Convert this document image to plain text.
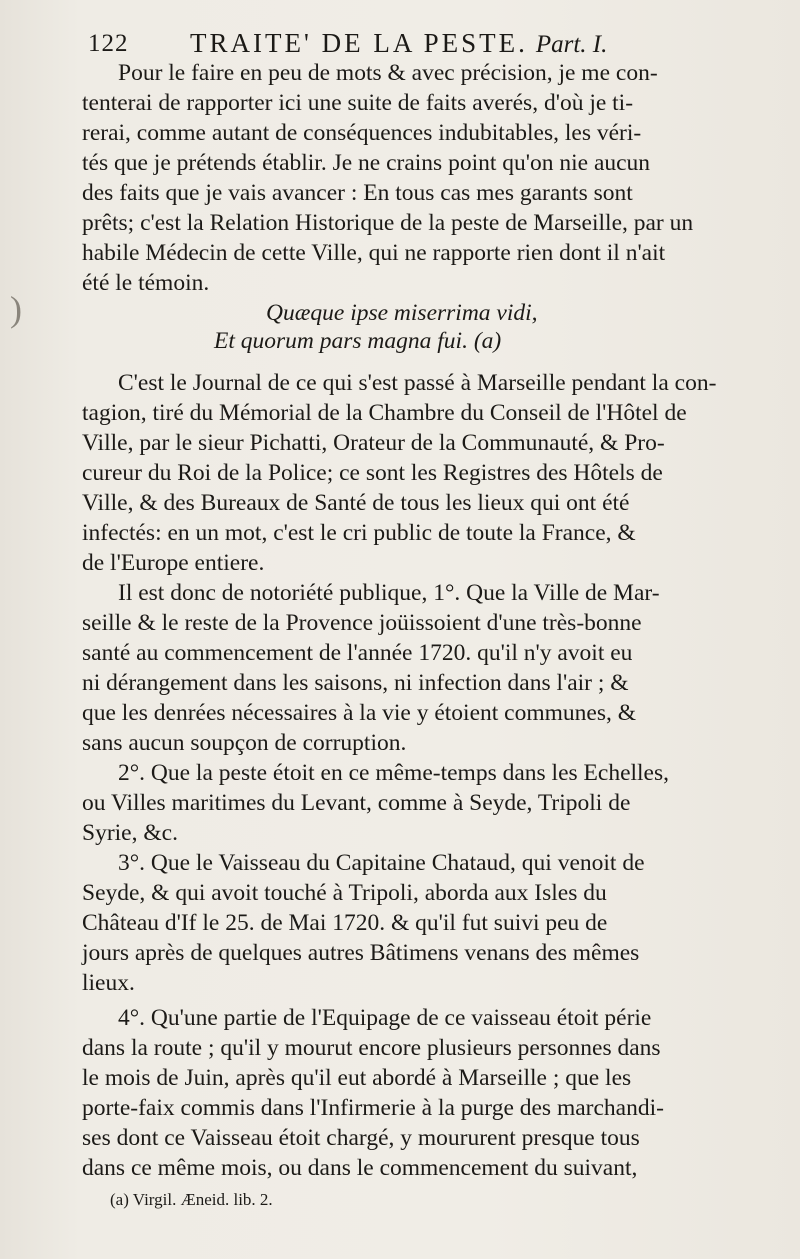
122 TRAITE' DE LA PESTE. Part. I.
)
Pour le faire en peu de mots & avec précision, je me con-
tenterai de rapporter ici une suite de faits averés, d'où je ti-
rerai, comme autant de conséquences indubitables, les véri-
tés que je prétends établir. Je ne crains point qu'on nie aucun
des faits que je vais avancer : En tous cas mes garants sont
prêts; c'est la Relation Historique de la peste de Marseille, par un
habile Médecin de cette Ville, qui ne rapporte rien dont il n'ait
été le témoin.
Quæque ipse miserrima vidi,
Et quorum pars magna fui. (a)
C'est le Journal de ce qui s'est passé à Marseille pendant la con-
tagion, tiré du Mémorial de la Chambre du Conseil de l'Hôtel de
Ville, par le sieur Pichatti, Orateur de la Communauté, & Pro-
cureur du Roi de la Police; ce sont les Registres des Hôtels de
Ville, & des Bureaux de Santé de tous les lieux qui ont été
infectés: en un mot, c'est le cri public de toute la France, &
de l'Europe entiere.
Il est donc de notoriété publique, 1°. Que la Ville de Mar-
seille & le reste de la Provence joüissoient d'une très-bonne
santé au commencement de l'année 1720. qu'il n'y avoit eu
ni dérangement dans les saisons, ni infection dans l'air ; &
que les denrées nécessaires à la vie y étoient communes, &
sans aucun soupçon de corruption.
2°. Que la peste étoit en ce même-temps dans les Echelles,
ou Villes maritimes du Levant, comme à Seyde, Tripoli de
Syrie, &c.
3°. Que le Vaisseau du Capitaine Chataud, qui venoit de
Seyde, & qui avoit touché à Tripoli, aborda aux Isles du
Château d'If le 25. de Mai 1720. & qu'il fut suivi peu de
jours après de quelques autres Bâtimens venans des mêmes
lieux.
4°. Qu'une partie de l'Equipage de ce vaisseau étoit périe
dans la route ; qu'il y mourut encore plusieurs personnes dans
le mois de Juin, après qu'il eut abordé à Marseille ; que les
porte-faix commis dans l'Infirmerie à la purge des marchandi-
ses dont ce Vaisseau étoit chargé, y moururent presque tous
dans ce même mois, ou dans le commencement du suivant,
(a) Virgil. Æneid. lib. 2.
